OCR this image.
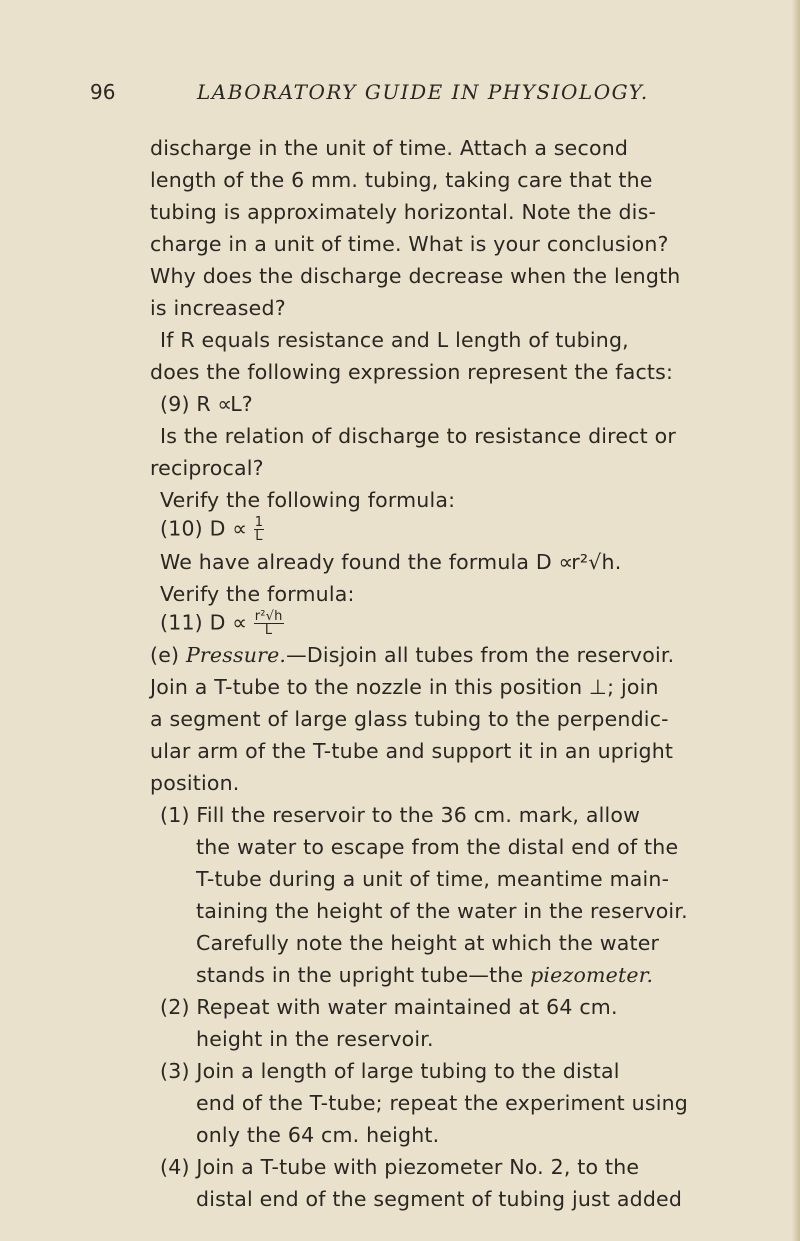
96	LABORATORY GUIDE IN PHYSIOLOGY.
discharge in the unit of time. Attach a second
length of the 6 mm. tubing, taking care that the
tubing is approximately horizontal. Note the dis-
charge in a unit of time. What is your conclusion?
Why does the discharge decrease when the length
is increased?
If R equals resistance and L length of tubing,
does the following expression represent the facts:
(9) R ∝L?
Is the relation of discharge to resistance direct or
reciprocal?
Verify the following formula:
(10) $D \propto \frac{1}{L}$
We have already found the formula D ∝r²√h.
Verify the formula:
(11) $D \propto \frac{\text{r²√h}}{L}$
(e) Pressure.—Disjoin all tubes from the reservoir.
Join a T-tube to the nozzle in this position ⊥; join
a segment of large glass tubing to the perpendic-
ular arm of the T-tube and support it in an upright
position.
(1) Fill the reservoir to the 36 cm. mark, allow
the water to escape from the distal end of the
T-tube during a unit of time, meantime main-
taining the height of the water in the reservoir.
Carefully note the height at which the water
stands in the upright tube—the piezometer.
(2) Repeat with water maintained at 64 cm.
height in the reservoir.
(3) Join a length of large tubing to the distal
end of the T-tube; repeat the experiment using
only the 64 cm. height.
(4) Join a T-tube with piezometer No. 2, to the
distal end of the segment of tubing just added
